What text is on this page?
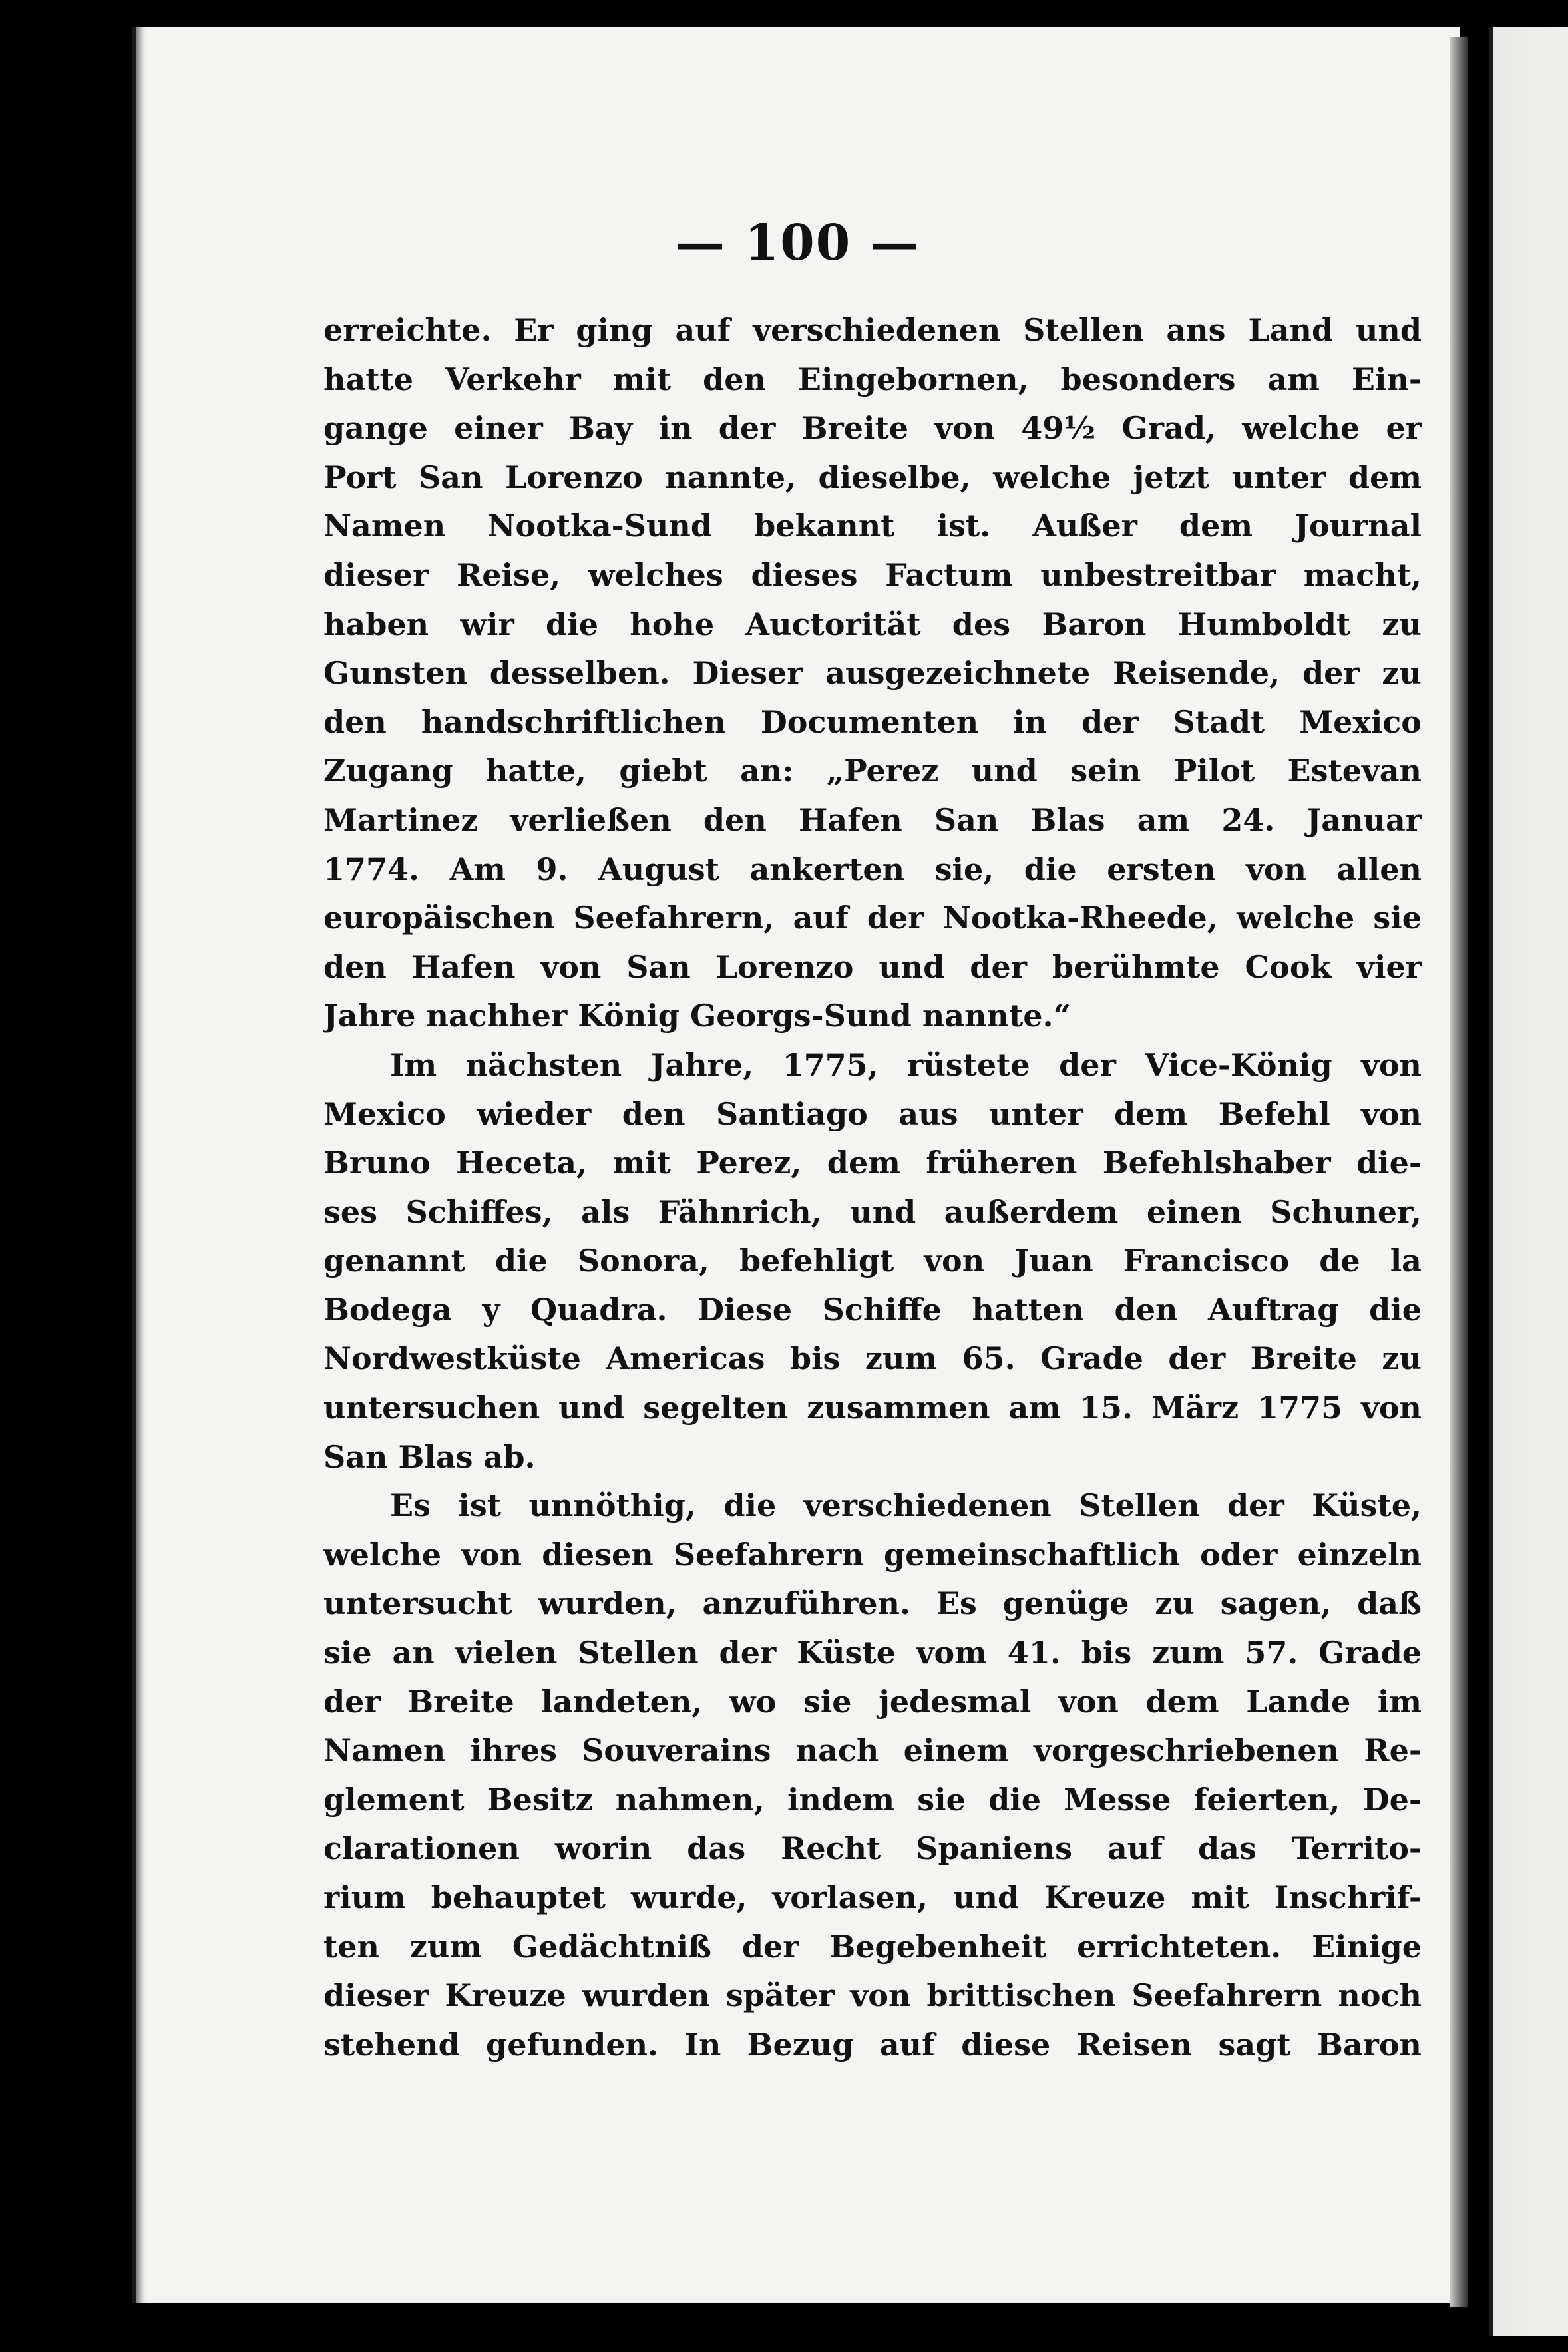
— 100 —
erreichte. Er ging auf verschiedenen Stellen ans Land und
hatte Verkehr mit den Eingebornen, besonders am Ein-
gange einer Bay in der Breite von 49½ Grad, welche er
Port San Lorenzo nannte, dieselbe, welche jetzt unter dem
Namen Nootka-Sund bekannt ist. Außer dem Journal
dieser Reise, welches dieses Factum unbestreitbar macht,
haben wir die hohe Auctorität des Baron Humboldt zu
Gunsten desselben. Dieser ausgezeichnete Reisende, der zu
den handschriftlichen Documenten in der Stadt Mexico
Zugang hatte, giebt an: „Perez und sein Pilot Estevan
Martinez verließen den Hafen San Blas am 24. Januar
1774. Am 9. August ankerten sie, die ersten von allen
europäischen Seefahrern, auf der Nootka-Rheede, welche sie
den Hafen von San Lorenzo und der berühmte Cook vier
Jahre nachher König Georgs-Sund nannte.“
Im nächsten Jahre, 1775, rüstete der Vice-König von
Mexico wieder den Santiago aus unter dem Befehl von
Bruno Heceta, mit Perez, dem früheren Befehlshaber die-
ses Schiffes, als Fähnrich, und außerdem einen Schuner,
genannt die Sonora, befehligt von Juan Francisco de la
Bodega y Quadra. Diese Schiffe hatten den Auftrag die
Nordwestküste Americas bis zum 65. Grade der Breite zu
untersuchen und segelten zusammen am 15. März 1775 von
San Blas ab.
Es ist unnöthig, die verschiedenen Stellen der Küste,
welche von diesen Seefahrern gemeinschaftlich oder einzeln
untersucht wurden, anzuführen. Es genüge zu sagen, daß
sie an vielen Stellen der Küste vom 41. bis zum 57. Grade
der Breite landeten, wo sie jedesmal von dem Lande im
Namen ihres Souverains nach einem vorgeschriebenen Re-
glement Besitz nahmen, indem sie die Messe feierten, De-
clarationen worin das Recht Spaniens auf das Territo-
rium behauptet wurde, vorlasen, und Kreuze mit Inschrif-
ten zum Gedächtniß der Begebenheit errichteten. Einige
dieser Kreuze wurden später von brittischen Seefahrern noch
stehend gefunden. In Bezug auf diese Reisen sagt Baron
